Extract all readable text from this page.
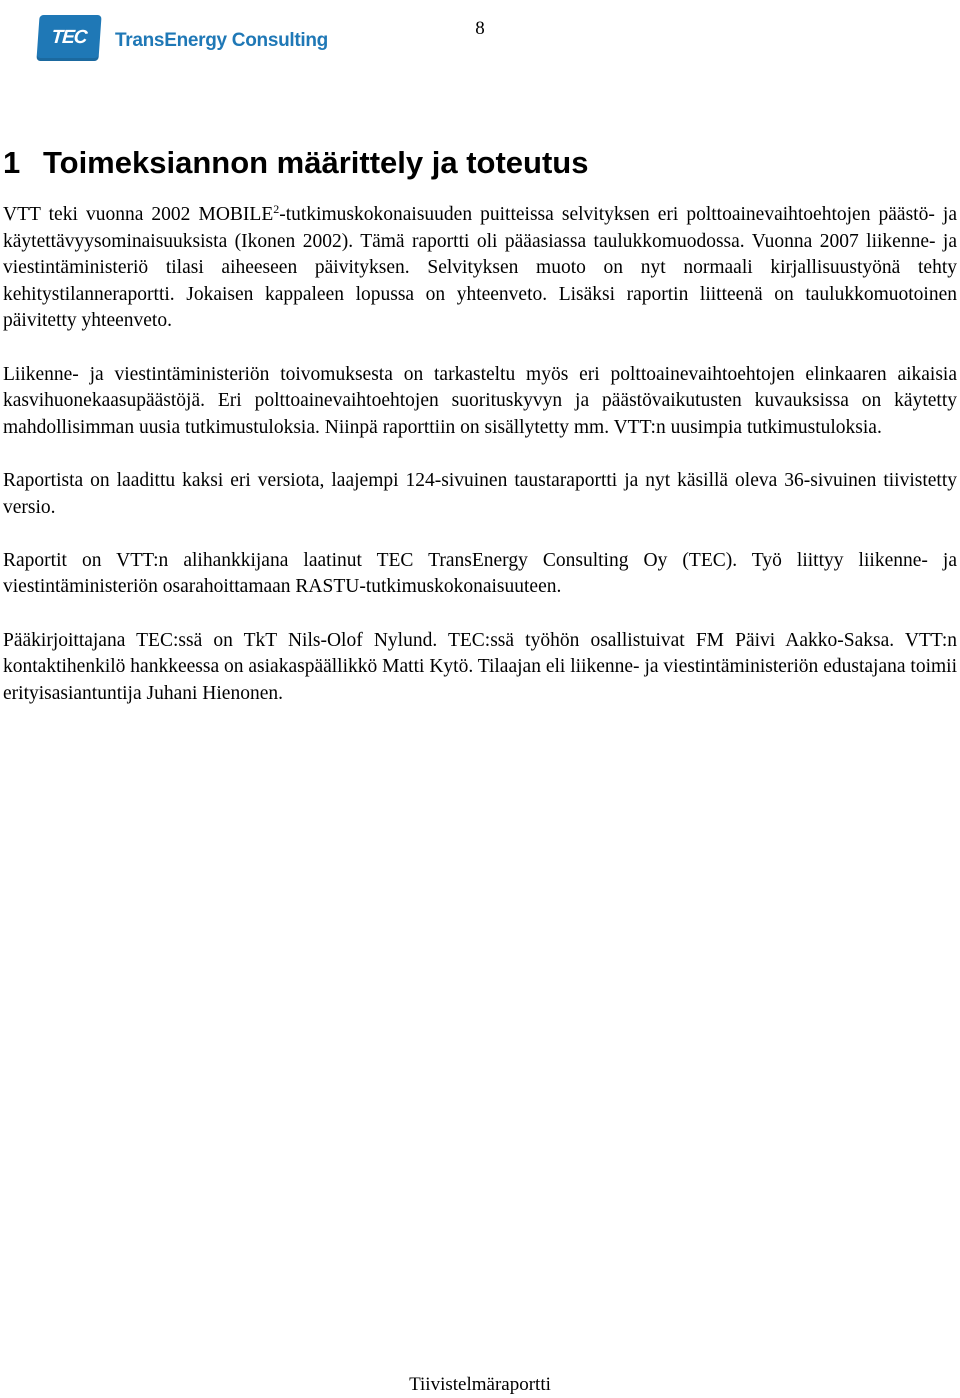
TEC TransEnergy Consulting
8
1 Toimeksiannon määrittely ja toteutus

VTT teki vuonna 2002 MOBILE$^2$-tutkimuskokonaisuuden puitteissa selvityksen eri polttoainevaihtoehtojen päästö- ja käytettävyysominaisuuksista (Ikonen 2002). Tämä raportti oli pääasiassa taulukkomuodossa. Vuonna 2007 liikenne- ja viestintäministeriö tilasi aiheeseen päivityksen. Selvityksen muoto on nyt normaali kirjallisuustyönä tehty kehitystilanneraportti. Jokaisen kappaleen lopussa on yhteenveto. Lisäksi raportin liitteenä on taulukkomuotoinen päivitetty yhteenveto.

Liikenne- ja viestintäministeriön toivomuksesta on tarkasteltu myös eri polttoainevaihtoehtojen elinkaaren aikaisia kasvihuonekaasupäästöjä. Eri polttoainevaihtoehtojen suorituskyvyn ja päästövaikutusten kuvauksissa on käytetty mahdollisimman uusia tutkimustuloksia. Niinpä raporttiin on sisällytetty mm. VTT:n uusimpia tutkimustuloksia.

Raportista on laadittu kaksi eri versiota, laajempi 124-sivuinen taustaraportti ja nyt käsillä oleva 36-sivuinen tiivistetty versio.

Raportit on VTT:n alihankkijana laatinut TEC TransEnergy Consulting Oy (TEC). Työ liittyy liikenne- ja viestintäministeriön osarahoittamaan RASTU-tutkimuskokonaisuuteen.

Pääkirjoittajana TEC:ssä on TkT Nils-Olof Nylund. TEC:ssä työhön osallistuivat FM Päivi Aakko-Saksa. VTT:n kontaktihenkilö hankkeessa on asiakaspäällikkö Matti Kytö. Tilaajan eli liikenne- ja viestintäministeriön edustajana toimii erityisasiantuntija Juhani Hienonen.

Tiivistelmäraportti
